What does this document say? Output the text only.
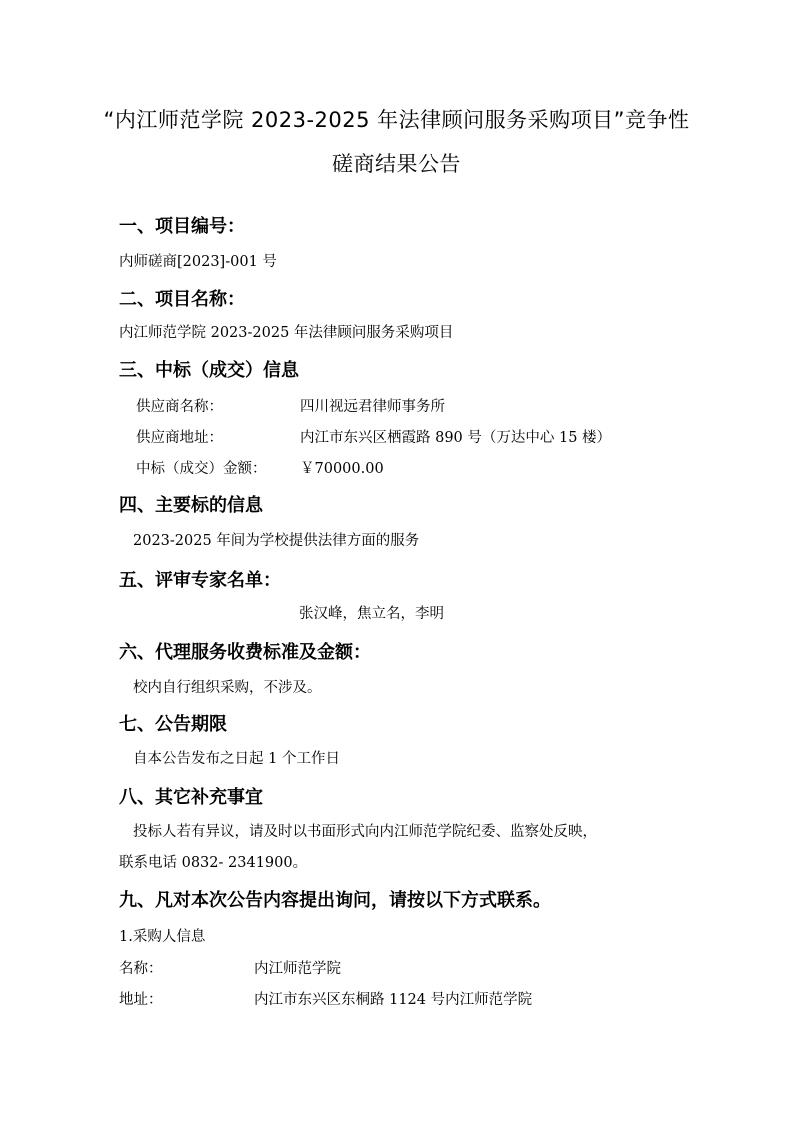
“内江师范学院 2023-2025 年法律顾问服务采购项目”竞争性
磋商结果公告
一、项目编号：
内师磋商[2023]-001 号
二、项目名称：
内江师范学院 2023-2025 年法律顾问服务采购项目
三、中标（成交）信息
供应商名称：	四川视远君律师事务所
供应商地址：	内江市东兴区栖霞路 890 号（万达中心 15 楼）
中标（成交）金额： ￥70000.00
四、主要标的信息
2023-2025 年间为学校提供法律方面的服务
五、评审专家名单：
张汉峰，焦立名，李明
六、代理服务收费标准及金额：
校内自行组织采购，不涉及。
七、公告期限
自本公告发布之日起 1 个工作日
八、其它补充事宜
投标人若有异议，请及时以书面形式向内江师范学院纪委、监察处反映，
联系电话 0832- 2341900。
九、凡对本次公告内容提出询问，请按以下方式联系。
1.采购人信息
名称：	内江师范学院
地址：	内江市东兴区东桐路 1124 号内江师范学院
